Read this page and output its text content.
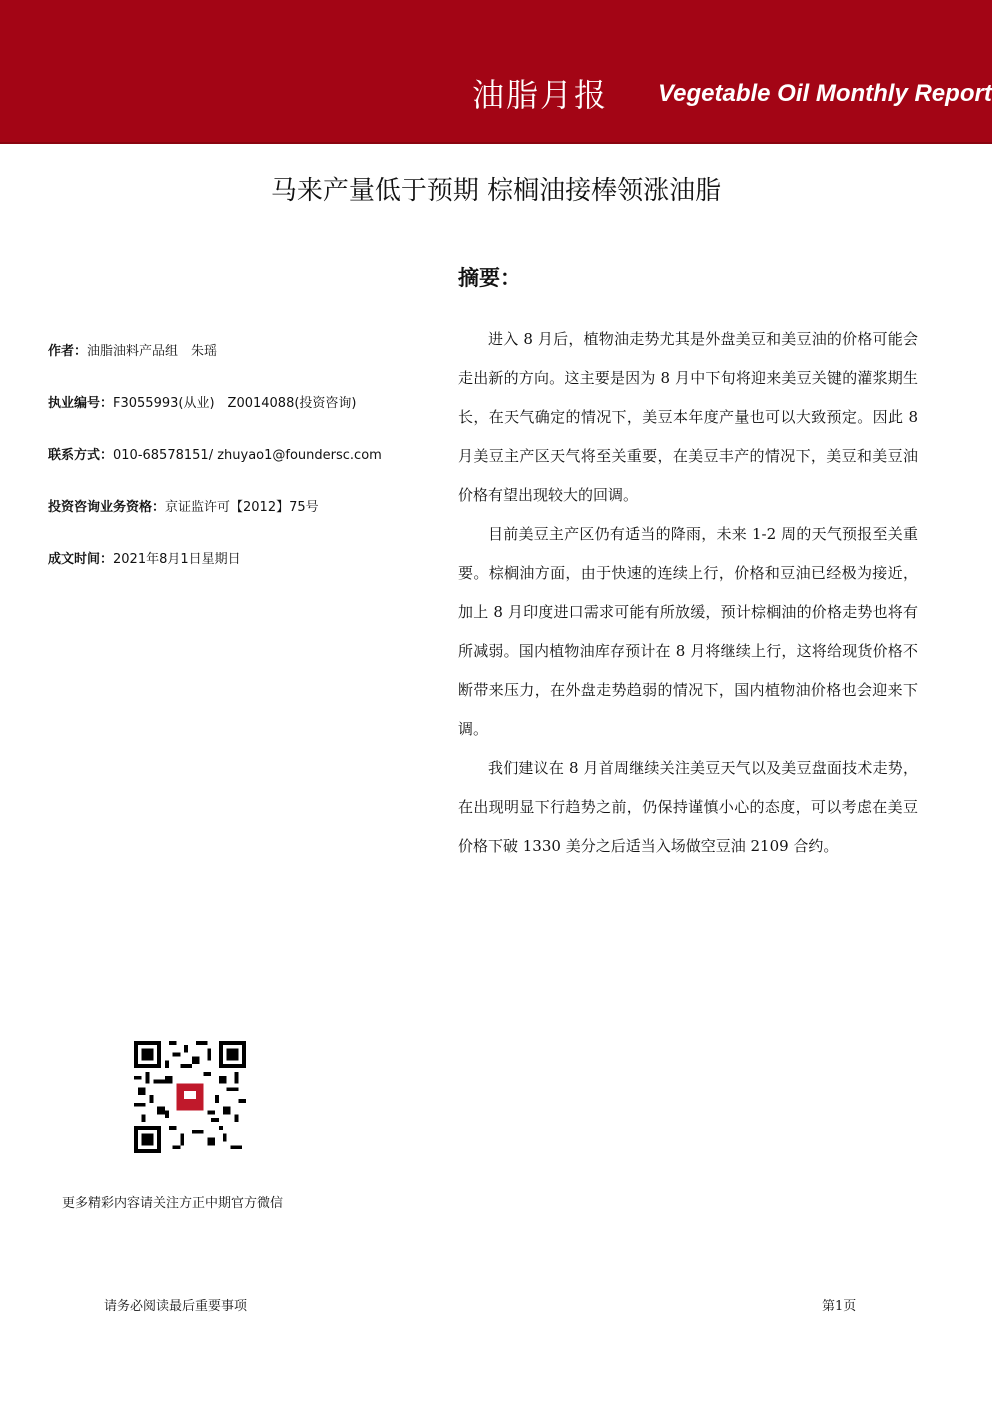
油脂月报 Vegetable Oil Monthly Report
马来产量低于预期 棕榈油接棒领涨油脂
作者：油脂油料产品组　朱瑶
执业编号：F3055993(从业)　Z0014088(投资咨询)
联系方式：010-68578151/ zhuyao1@foundersc.com
投资咨询业务资格：京证监许可【2012】75号
成文时间：2021年8月1日星期日
摘要：

进入 8 月后，植物油走势尤其是外盘美豆和美豆油的价格可能会走出新的方向。这主要是因为 8 月中下旬将迎来美豆关键的灌浆期生长，在天气确定的情况下，美豆本年度产量也可以大致预定。因此 8 月美豆主产区天气将至关重要，在美豆丰产的情况下，美豆和美豆油价格有望出现较大的回调。

目前美豆主产区仍有适当的降雨，未来 1-2 周的天气预报至关重要。棕榈油方面，由于快速的连续上行，价格和豆油已经极为接近，加上 8 月印度进口需求可能有所放缓，预计棕榈油的价格走势也将有所减弱。国内植物油库存预计在 8 月将继续上行，这将给现货价格不断带来压力，在外盘走势趋弱的情况下，国内植物油价格也会迎来下调。

我们建议在 8 月首周继续关注美豆天气以及美豆盘面技术走势，在出现明显下行趋势之前，仍保持谨慎小心的态度，可以考虑在美豆价格下破 1330 美分之后适当入场做空豆油 2109 合约。

更多精彩内容请关注方正中期官方微信
请务必阅读最后重要事项	第1页
